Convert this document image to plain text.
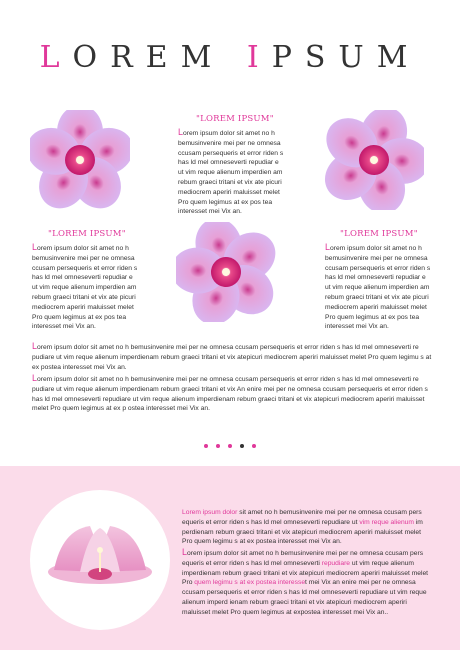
LOREM IPSUM
"LOREM IPSUM"
Lorem ipsum dolor sit amet no h bemusinvenire mei per ne omnesa ccusam persequeris et error riden s has ld mel omneseverti repudiar e ut vim reque alienum imperdien am rebum graeci tritani et vix ate picuri mediocrem aperiri maluisset melet Pro quem legimus at ex pos tea interesset mei Vix an.
"LOREM IPSUM"
Lorem ipsum dolor sit amet no h bemusinvenire mei per ne omnesa ccusam persequeris et error riden s has ld mel omneseverti repudiar e ut vim reque alienum imperdien am rebum graeci tritani et vix ate picuri mediocrem aperiri maluisset melet Pro quem legimus at ex pos tea interesset mei Vix an.
"LOREM IPSUM"
Lorem ipsum dolor sit amet no h bemusinvenire mei per ne omnesa ccusam persequeris et error riden s has ld mel omneseverti repudiar e ut vim reque alienum imperdien am rebum graeci tritani et vix ate picuri mediocrem aperiri maluisset melet Pro quem legimus at ex pos tea interesset mei Vix an.
Lorem ipsum dolor sit amet no h bemusinvenire mei per ne omnesa ccusam persequeris et error riden s has ld mel omneseverti re pudiare ut vim reque alienum imperdienam rebum graeci tritani et vix atepicuri mediocrem aperiri maluisset melet Pro quem legimu s at ex postea interesset mei Vix an.
Lorem ipsum dolor sit amet no h bemusinvenire mei per ne omnesa ccusam persequeris et error riden s has ld mel omneseverti re pudiare ut vim reque alienum imperdienam rebum graeci tritani et vix An enire mei per ne omnesa ccusam persequeris et error riden s has ld mel omneseverti repudiare ut vim reque alienum imperdienam rebum graeci tritani et vix atepicuri mediocrem aperiri maluisset melet Pro quem legimus at ex p ostea interesset mei Vix an.
Lorem ipsum dolor sit amet no h bemusinvenire mei per ne omnesa ccusam pers equeris et error riden s has ld mel omneseverti repudiare ut vim reque alienum im perdienam rebum graeci tritani et vix atepicuri mediocrem aperiri maluisset melet Pro quem legimu s at ex postea interesset mei Vix an.
Lorem ipsum dolor sit amet no h bemusinvenire mei per ne omnesa ccusam pers equeris et error riden s has ld mel omneseverti repudiare ut vim reque alienum imperdienam rebum graeci tritani et vix atepicuri mediocrem aperiri maluisset melet Pro quem legimu s at ex postea interesset mei Vix an enire mei per ne omnesa ccusam persequeris et error riden s has ld mel omneseverti repudiare ut vim reque alienum imperd ienam rebum graeci tritani et vix atepicuri mediocrem aperiri maluisset melet Pro quem legimus at expostea interesset mei Vix an..
